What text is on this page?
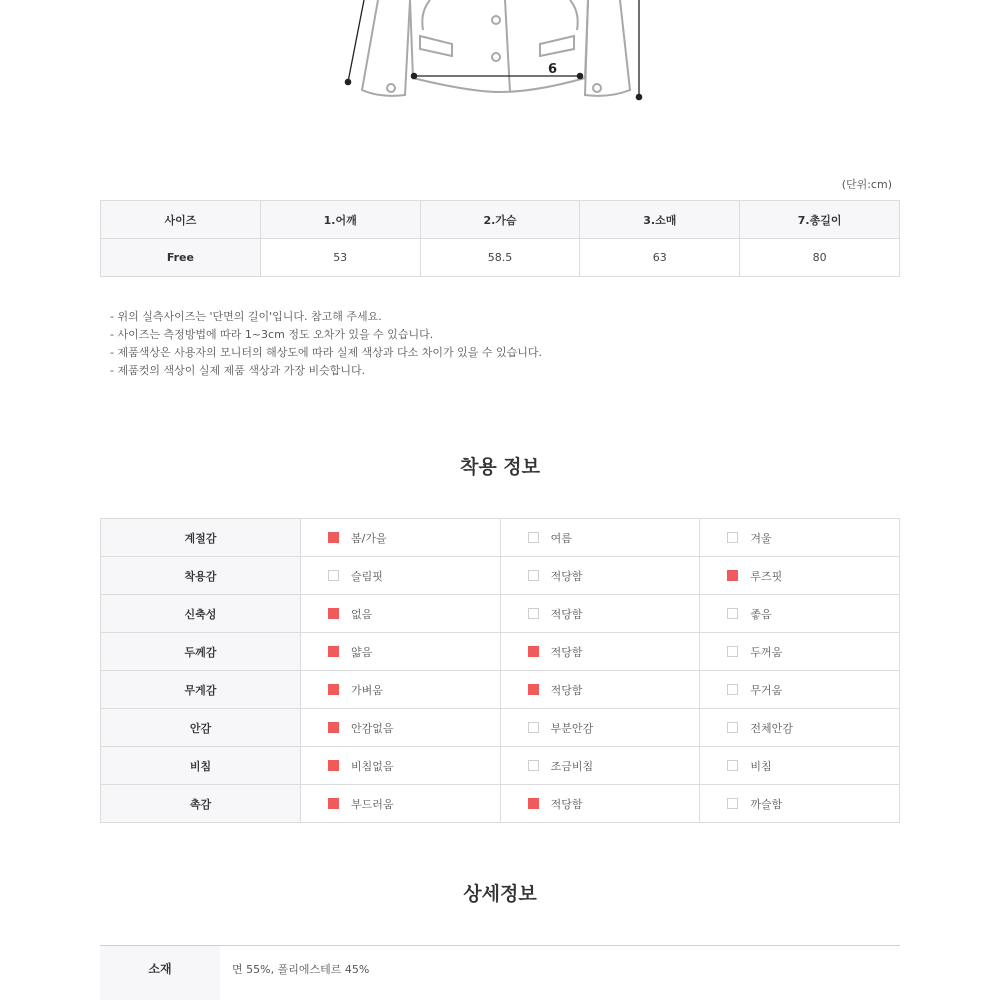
6
(단위:cm)
사이즈	1.어깨	2.가슴	3.소매	7.총길이
Free	53	58.5	63	80
- 위의 실측사이즈는 '단면의 길이'입니다. 참고해 주세요.
- 사이즈는 측정방법에 따라 1~3cm 정도 오차가 있을 수 있습니다.
- 제품색상은 사용자의 모니터의 해상도에 따라 실제 색상과 다소 차이가 있을 수 있습니다.
- 제품컷의 색상이 실제 제품 색상과 가장 비슷합니다.
착용 정보
계절감	봄/가을	여름	겨울
착용감	슬림핏	적당함	루즈핏
신축성	없음	적당함	좋음
두께감	얇음	적당함	두꺼움
무게감	가벼움	적당함	무거움
안감	안감없음	부분안감	전체안감
비침	비침없음	조금비침	비침
촉감	부드러움	적당함	까슬함
상세정보
소재	면 55%, 폴리에스테르 45%
